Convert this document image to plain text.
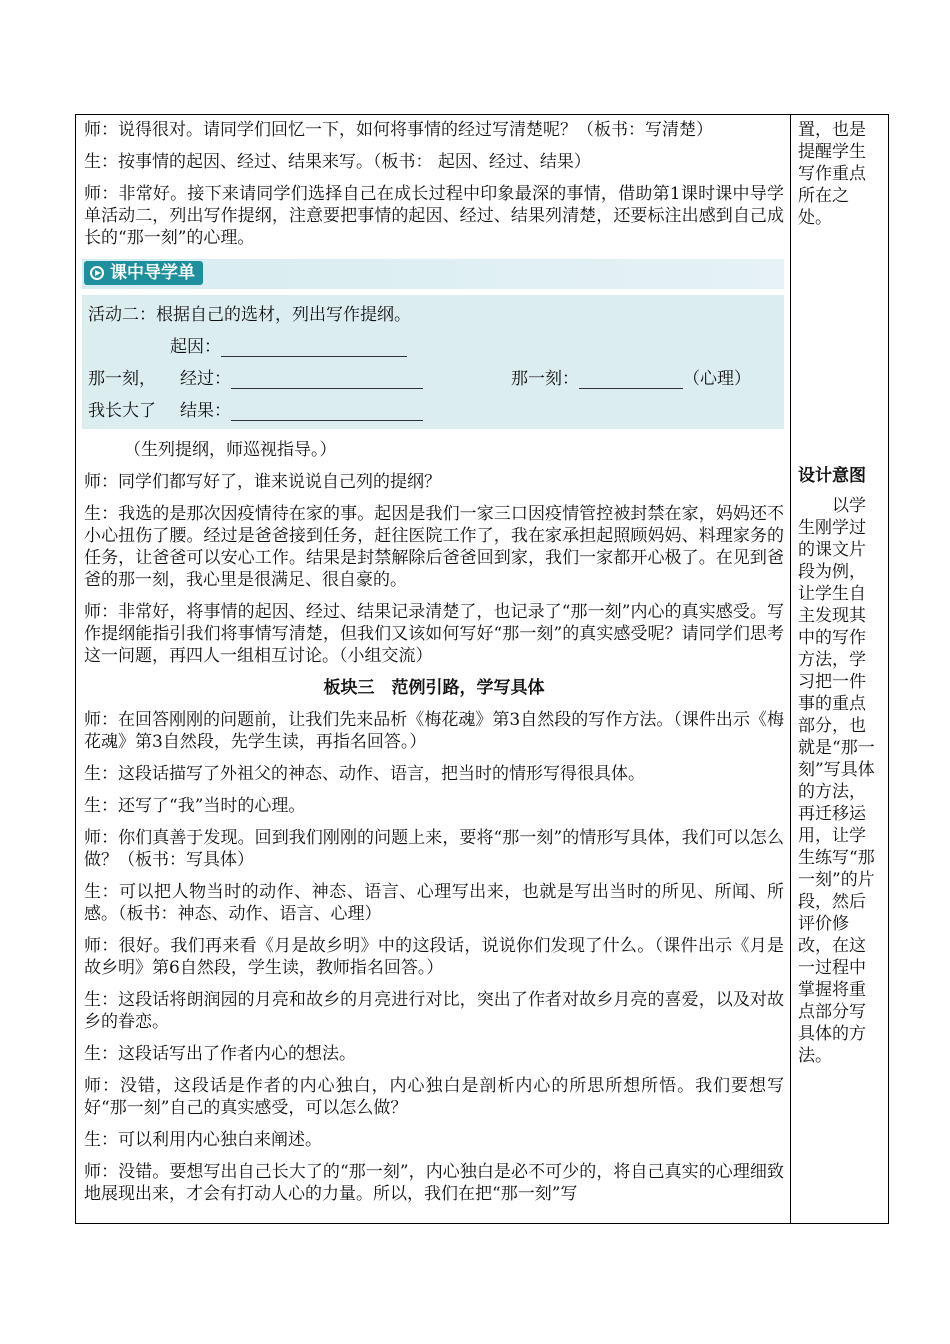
师：说得很对。请同学们回忆一下，如何将事情的经过写清楚呢？（板书：写清楚）

生：按事情的起因、经过、结果来写。（板书： 起因、经过、结果）

师：非常好。接下来请同学们选择自己在成长过程中印象最深的事情，借助第1课时课中导学单活动二，列出写作提纲，注意要把事情的起因、经过、结果列清楚，还要标注出感到自己成长的“那一刻”的心理。

课中导学单
活动二：根据自己的选材，列出写作提纲。
起因：
那一刻，	经过：	那一刻：	（心理）
我长大了	结果：

（生列提纲，师巡视指导。）

师：同学们都写好了，谁来说说自己列的提纲？

生：我选的是那次因疫情待在家的事。起因是我们一家三口因疫情管控被封禁在家，妈妈还不小心扭伤了腰。经过是爸爸接到任务，赶往医院工作了，我在家承担起照顾妈妈、料理家务的任务，让爸爸可以安心工作。结果是封禁解除后爸爸回到家，我们一家都开心极了。在见到爸爸的那一刻，我心里是很满足、很自豪的。

师：非常好，将事情的起因、经过、结果记录清楚了，也记录了“那一刻”内心的真实感受。写作提纲能指引我们将事情写清楚，但我们又该如何写好“那一刻”的真实感受呢？请同学们思考这一问题，再四人一组相互讨论。（小组交流）

板块三　范例引路，学写具体

师：在回答刚刚的问题前，让我们先来品析《梅花魂》第3自然段的写作方法。（课件出示《梅花魂》第3自然段，先学生读，再指名回答。）

生：这段话描写了外祖父的神态、动作、语言，把当时的情形写得很具体。

生：还写了“我”当时的心理。

师：你们真善于发现。回到我们刚刚的问题上来，要将“那一刻”的情形写具体，我们可以怎么做？（板书：写具体）

生：可以把人物当时的动作、神态、语言、心理写出来，也就是写出当时的所见、所闻、所感。（板书：神态、动作、语言、心理）

师：很好。我们再来看《月是故乡明》中的这段话，说说你们发现了什么。（课件出示《月是故乡明》第6自然段，学生读，教师指名回答。）

生：这段话将朗润园的月亮和故乡的月亮进行对比，突出了作者对故乡月亮的喜爱，以及对故乡的眷恋。

生：这段话写出了作者内心的想法。

师：没错，这段话是作者的内心独白，内心独白是剖析内心的所思所想所悟。我们要想写好“那一刻”自己的真实感受，可以怎么做？

生：可以利用内心独白来阐述。

师：没错。要想写出自己长大了的“那一刻”，内心独白是必不可少的，将自己真实的心理细致地展现出来，才会有打动人心的力量。所以，我们在把“那一刻”写

置，也是提醒学生写作重点所在之处。
设计意图
以学生刚学过的课文片段为例，让学生自主发现其中的写作方法，学习把一件事的重点部分，也就是“那一刻”写具体的方法，再迁移运用，让学生练写“那一刻”的片段，然后评价修改，在这一过程中掌握将重点部分写具体的方法。
